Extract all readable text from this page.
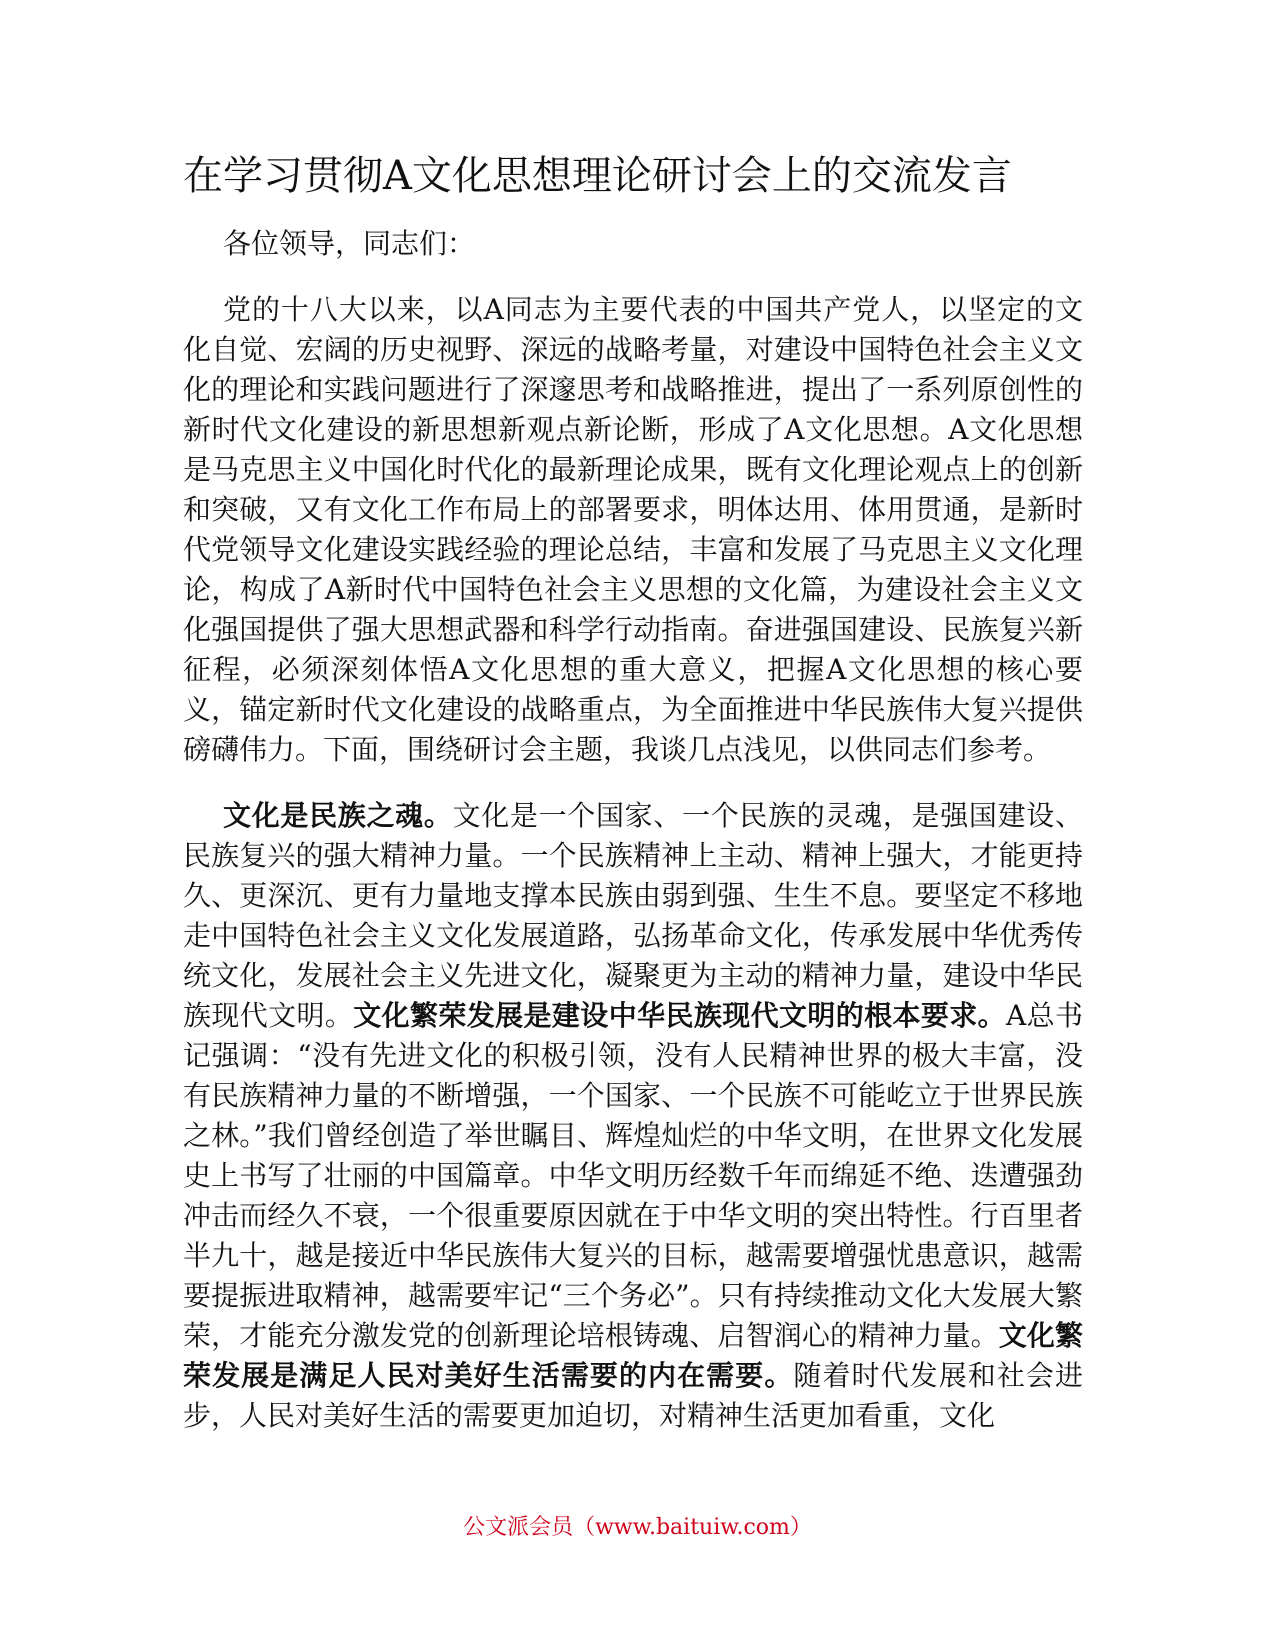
在学习贯彻A文化思想理论研讨会上的交流发言

各位领导，同志们：

党的十八大以来，以A同志为主要代表的中国共产党人，以坚定的文化自觉、宏阔的历史视野、深远的战略考量，对建设中国特色社会主义文化的理论和实践问题进行了深邃思考和战略推进，提出了一系列原创性的新时代文化建设的新思想新观点新论断，形成了A文化思想。A文化思想是马克思主义中国化时代化的最新理论成果，既有文化理论观点上的创新和突破，又有文化工作布局上的部署要求，明体达用、体用贯通，是新时代党领导文化建设实践经验的理论总结，丰富和发展了马克思主义文化理论，构成了A新时代中国特色社会主义思想的文化篇，为建设社会主义文化强国提供了强大思想武器和科学行动指南。奋进强国建设、民族复兴新征程，必须深刻体悟A文化思想的重大意义，把握A文化思想的核心要义，锚定新时代文化建设的战略重点，为全面推进中华民族伟大复兴提供磅礴伟力。下面，围绕研讨会主题，我谈几点浅见，以供同志们参考。

文化是民族之魂。文化是一个国家、一个民族的灵魂，是强国建设、民族复兴的强大精神力量。一个民族精神上主动、精神上强大，才能更持久、更深沉、更有力量地支撑本民族由弱到强、生生不息。要坚定不移地走中国特色社会主义文化发展道路，弘扬革命文化，传承发展中华优秀传统文化，发展社会主义先进文化，凝聚更为主动的精神力量，建设中华民族现代文明。文化繁荣发展是建设中华民族现代文明的根本要求。A总书记强调：“没有先进文化的积极引领，没有人民精神世界的极大丰富，没有民族精神力量的不断增强，一个国家、一个民族不可能屹立于世界民族之林。”我们曾经创造了举世瞩目、辉煌灿烂的中华文明，在世界文化发展史上书写了壮丽的中国篇章。中华文明历经数千年而绵延不绝、迭遭强劲冲击而经久不衰，一个很重要原因就在于中华文明的突出特性。行百里者半九十，越是接近中华民族伟大复兴的目标，越需要增强忧患意识，越需要提振进取精神，越需要牢记“三个务必”。只有持续推动文化大发展大繁荣，才能充分激发党的创新理论培根铸魂、启智润心的精神力量。文化繁荣发展是满足人民对美好生活需要的内在需要。随着时代发展和社会进步，人民对美好生活的需要更加迫切，对精神生活更加看重，文化

公文派会员（www.baituiw.com）
